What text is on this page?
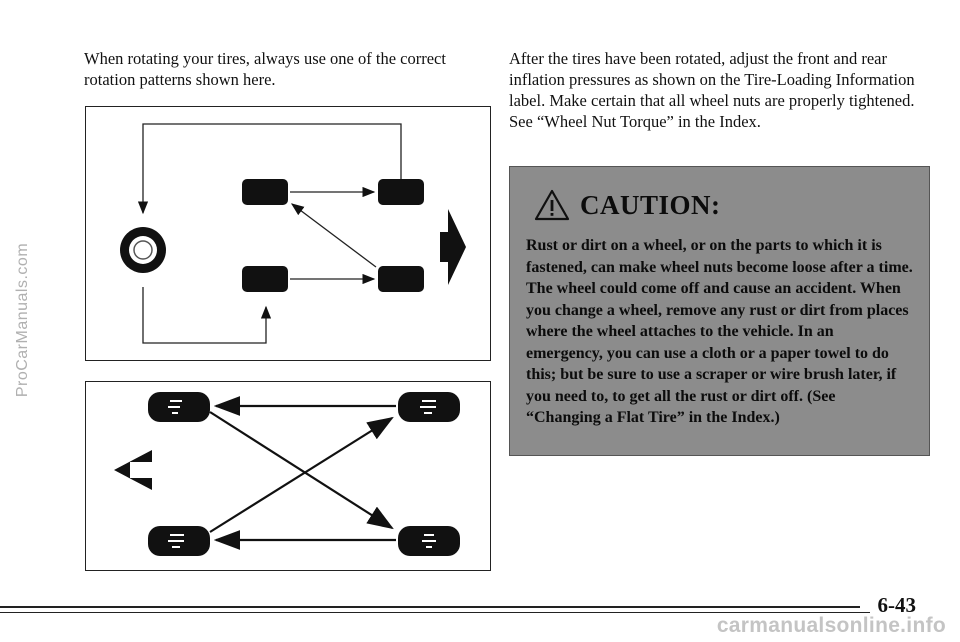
ProCarManuals.com

When rotating your tires, always use one of the correct rotation patterns shown here.

After the tires have been rotated, adjust the front and rear inflation pressures as shown on the Tire-Loading Information label. Make certain that all wheel nuts are properly tightened. See “Wheel Nut Torque” in the Index.

CAUTION:

Rust or dirt on a wheel, or on the parts to which it is fastened, can make wheel nuts become loose after a time. The wheel could come off and cause an accident. When you change a wheel, remove any rust or dirt from places where the wheel attaches to the vehicle. In an emergency, you can use a cloth or a paper towel to do this; but be sure to use a scraper or wire brush later, if you need to, to get all the rust or dirt off. (See “Changing a Flat Tire” in the Index.)

6-43
carmanualsonline.info
